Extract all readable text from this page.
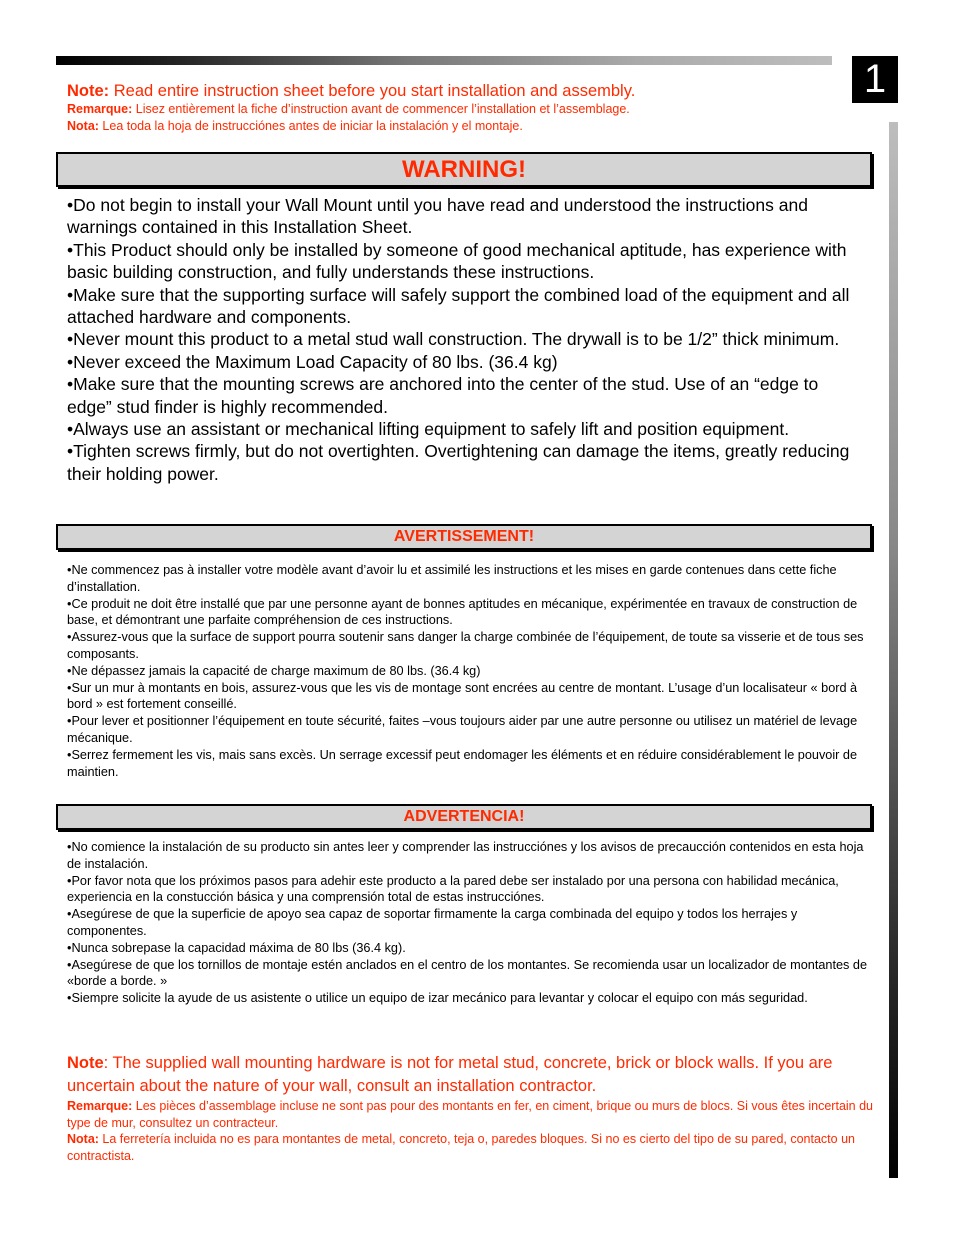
1
Note: Read entire instruction sheet before you start installation and assembly.
Remarque: Lisez entièrement la fiche d’instruction avant de commencer l’installation et l’assemblage.
Nota: Lea toda la hoja de instrucciónes antes de iniciar la instalación y el montaje.
WARNING!
•Do not begin to install your Wall Mount until you have read and understood the instructions and warnings contained in this Installation Sheet.
•This Product should only be installed by someone of good mechanical aptitude, has experience with basic building construction, and fully understands these instructions.
•Make sure that the supporting surface will safely support the combined load of the equipment and all attached hardware and components.
•Never mount this product to a metal stud wall construction. The drywall is to be 1/2” thick minimum.
•Never exceed the Maximum Load Capacity of 80 lbs. (36.4 kg)
•Make sure that the mounting screws are anchored into the center of the stud. Use of an “edge to edge” stud finder is highly recommended.
•Always use an assistant or mechanical lifting equipment to safely lift and position equipment.
•Tighten screws firmly, but do not overtighten. Overtightening can damage the items, greatly reducing their holding power.
AVERTISSEMENT!
•Ne commencez pas à installer votre modèle avant d’avoir lu et assimilé les instructions et les mises en garde contenues dans cette fiche d’installation.
•Ce produit ne doit être installé que par une personne ayant de bonnes aptitudes en mécanique, expérimentée en travaux de construction de base, et démontrant une parfaite compréhension de ces instructions.
•Assurez-vous que la surface de support pourra soutenir sans danger la charge combinée de l’équipement, de toute sa visserie et de tous ses composants.
•Ne dépassez jamais la capacité de charge maximum de 80 lbs. (36.4 kg)
•Sur un mur à montants en bois, assurez-vous que les vis de montage sont encrées au centre de montant. L’usage d’un localisateur « bord à bord » est fortement conseillé.
•Pour lever et positionner l’équipement en toute sécurité, faites –vous toujours aider par une autre personne ou utilisez un matériel de levage mécanique.
•Serrez fermement les vis, mais sans excès. Un serrage excessif peut endomager les éléments et en réduire considérablement le pouvoir de maintien.
ADVERTENCIA!
•No comience la instalación de su producto sin antes leer y comprender las instrucciónes y los avisos de precaucción contenidos en esta hoja de instalación.
•Por favor nota que los próximos pasos para adehir este producto a la pared debe ser instalado por una persona con habilidad mecánica, experiencia en la constucción básica y una comprensión total de estas instrucciónes.
•Asegúrese de que la superficie de apoyo sea capaz de soportar firmamente la carga combinada del equipo y todos los herrajes y componentes.
•Nunca sobrepase la capacidad máxima de 80 lbs (36.4 kg).
•Asegúrese de que los tornillos de montaje estén anclados en el centro de los montantes. Se recomienda usar un localizador de montantes de «borde a borde. »
•Siempre solicite la ayude de us asistente o utilice un equipo de izar mecánico para levantar y colocar el equipo con más seguridad.
Note: The supplied wall mounting hardware is not for metal stud, concrete, brick or block walls. If you are uncertain about the nature of your wall, consult an installation contractor.
Remarque: Les pièces d’assemblage incluse ne sont pas pour des montants en fer, en ciment, brique ou murs de blocs. Si vous êtes incertain du type de mur, consultez un contracteur.
Nota: La ferretería incluida no es para montantes de metal, concreto, teja o, paredes bloques. Si no es cierto del tipo de su pared, contacto un contractista.
